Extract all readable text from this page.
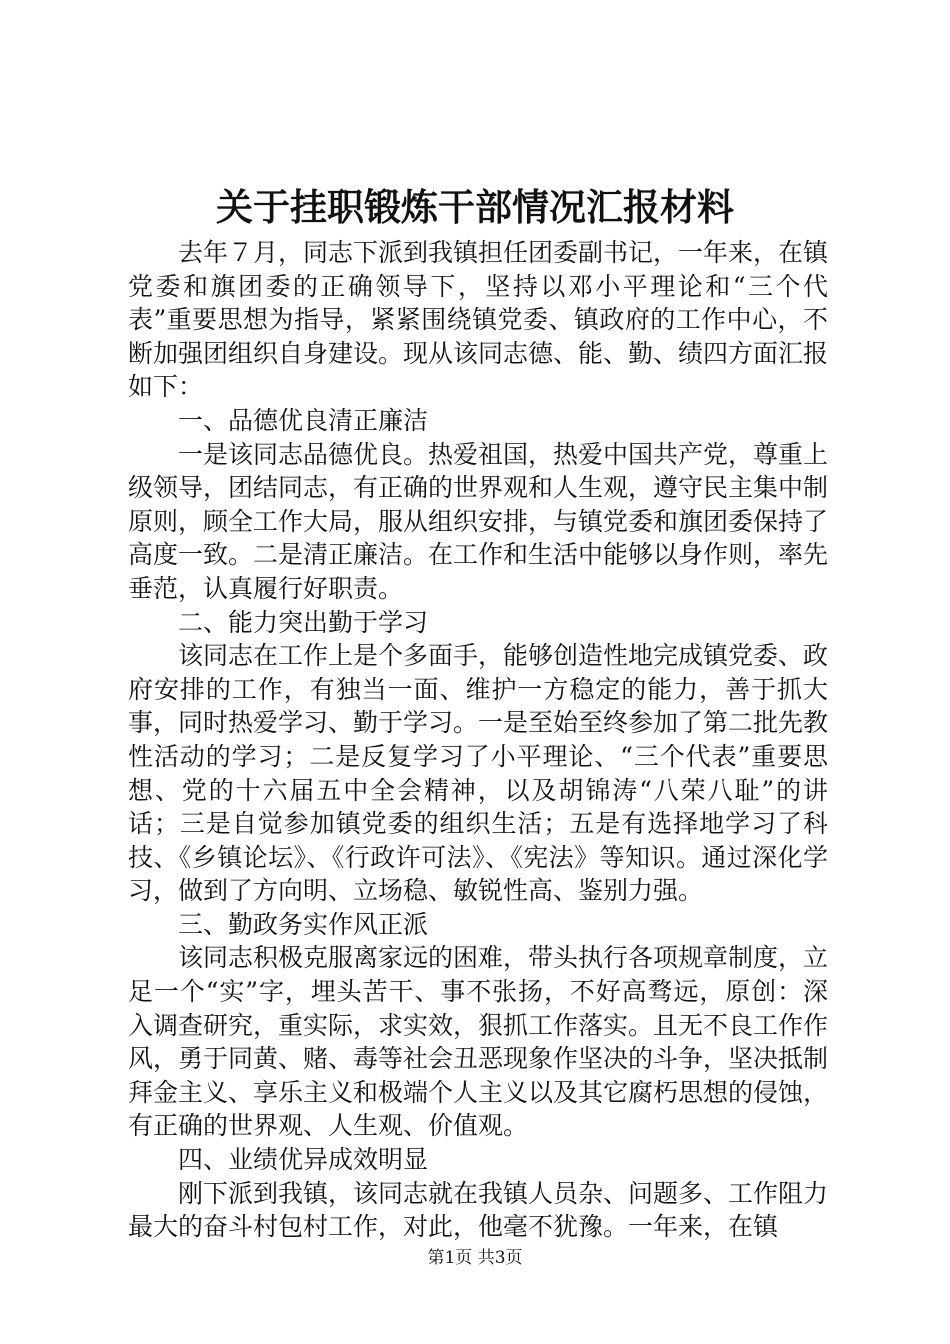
关于挂职锻炼干部情况汇报材料

去年７月，同志下派到我镇担任团委副书记，一年来，在镇党委和旗团委的正确领导下，坚持以邓小平理论和“三个代表”重要思想为指导，紧紧围绕镇党委、镇政府的工作中心，不断加强团组织自身建设。现从该同志德、能、勤、绩四方面汇报如下：

一、品德优良清正廉洁

一是该同志品德优良。热爱祖国，热爱中国共产党，尊重上级领导，团结同志，有正确的世界观和人生观，遵守民主集中制原则，顾全工作大局，服从组织安排，与镇党委和旗团委保持了高度一致。二是清正廉洁。在工作和生活中能够以身作则，率先垂范，认真履行好职责。

二、能力突出勤于学习

该同志在工作上是个多面手，能够创造性地完成镇党委、政府安排的工作，有独当一面、维护一方稳定的能力，善于抓大事，同时热爱学习、勤于学习。一是至始至终参加了第二批先教性活动的学习；二是反复学习了小平理论、“三个代表”重要思想、党的十六届五中全会精神，以及胡锦涛“八荣八耻”的讲话；三是自觉参加镇党委的组织生活；五是有选择地学习了科技、《乡镇论坛》、《行政许可法》、《宪法》等知识。通过深化学习，做到了方向明、立场稳、敏锐性高、鉴别力强。

三、勤政务实作风正派

该同志积极克服离家远的困难，带头执行各项规章制度，立足一个“实”字，埋头苦干、事不张扬，不好高骛远，原创：深入调查研究，重实际，求实效，狠抓工作落实。且无不良工作作风，勇于同黄、赌、毒等社会丑恶现象作坚决的斗争，坚决抵制拜金主义、享乐主义和极端个人主义以及其它腐朽思想的侵蚀，有正确的世界观、人生观、价值观。

四、业绩优异成效明显

刚下派到我镇，该同志就在我镇人员杂、问题多、工作阻力最大的奋斗村包村工作，对此，他毫不犹豫。一年来，在镇

第1页 共3页
